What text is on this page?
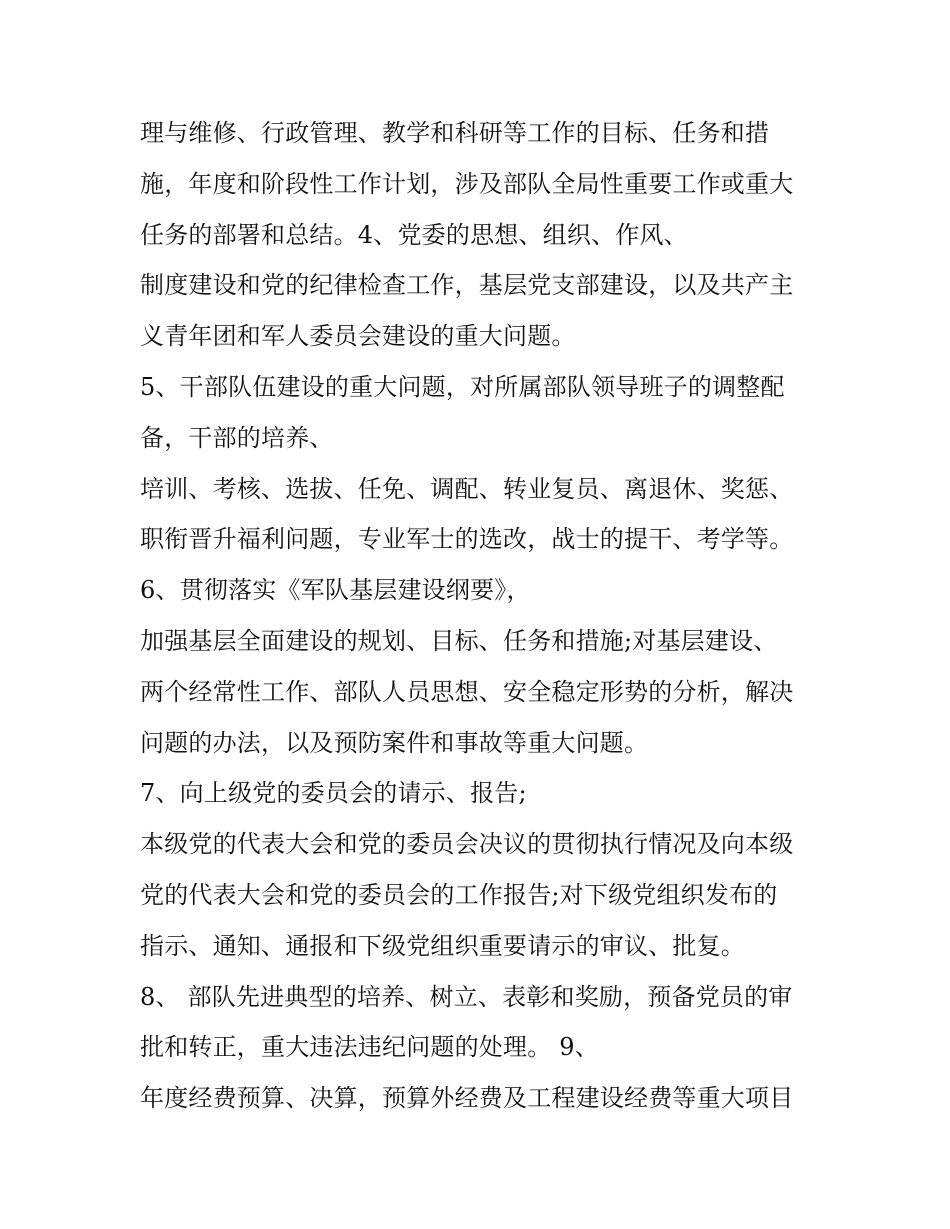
理与维修、行政管理、教学和科研等工作的目标、任务和措
施，年度和阶段性工作计划，涉及部队全局性重要工作或重大
任务的部署和总结。4、党委的思想、组织、作风、
制度建设和党的纪律检查工作，基层党支部建设，以及共产主
义青年团和军人委员会建设的重大问题。
5、干部队伍建设的重大问题，对所属部队领导班子的调整配
备，干部的培养、
培训、考核、选拔、任免、调配、转业复员、离退休、奖惩、
职衔晋升福利问题，专业军士的选改，战士的提干、考学等。
6、贯彻落实《军队基层建设纲要》，
加强基层全面建设的规划、目标、任务和措施;对基层建设、
两个经常性工作、部队人员思想、安全稳定形势的分析，解决
问题的办法，以及预防案件和事故等重大问题。
7、向上级党的委员会的请示、报告;
本级党的代表大会和党的委员会决议的贯彻执行情况及向本级
党的代表大会和党的委员会的工作报告;对下级党组织发布的
指示、通知、通报和下级党组织重要请示的审议、批复。
8、 部队先进典型的培养、树立、表彰和奖励，预备党员的审
批和转正，重大违法违纪问题的处理。 9、
年度经费预算、决算，预算外经费及工程建设经费等重大项目
